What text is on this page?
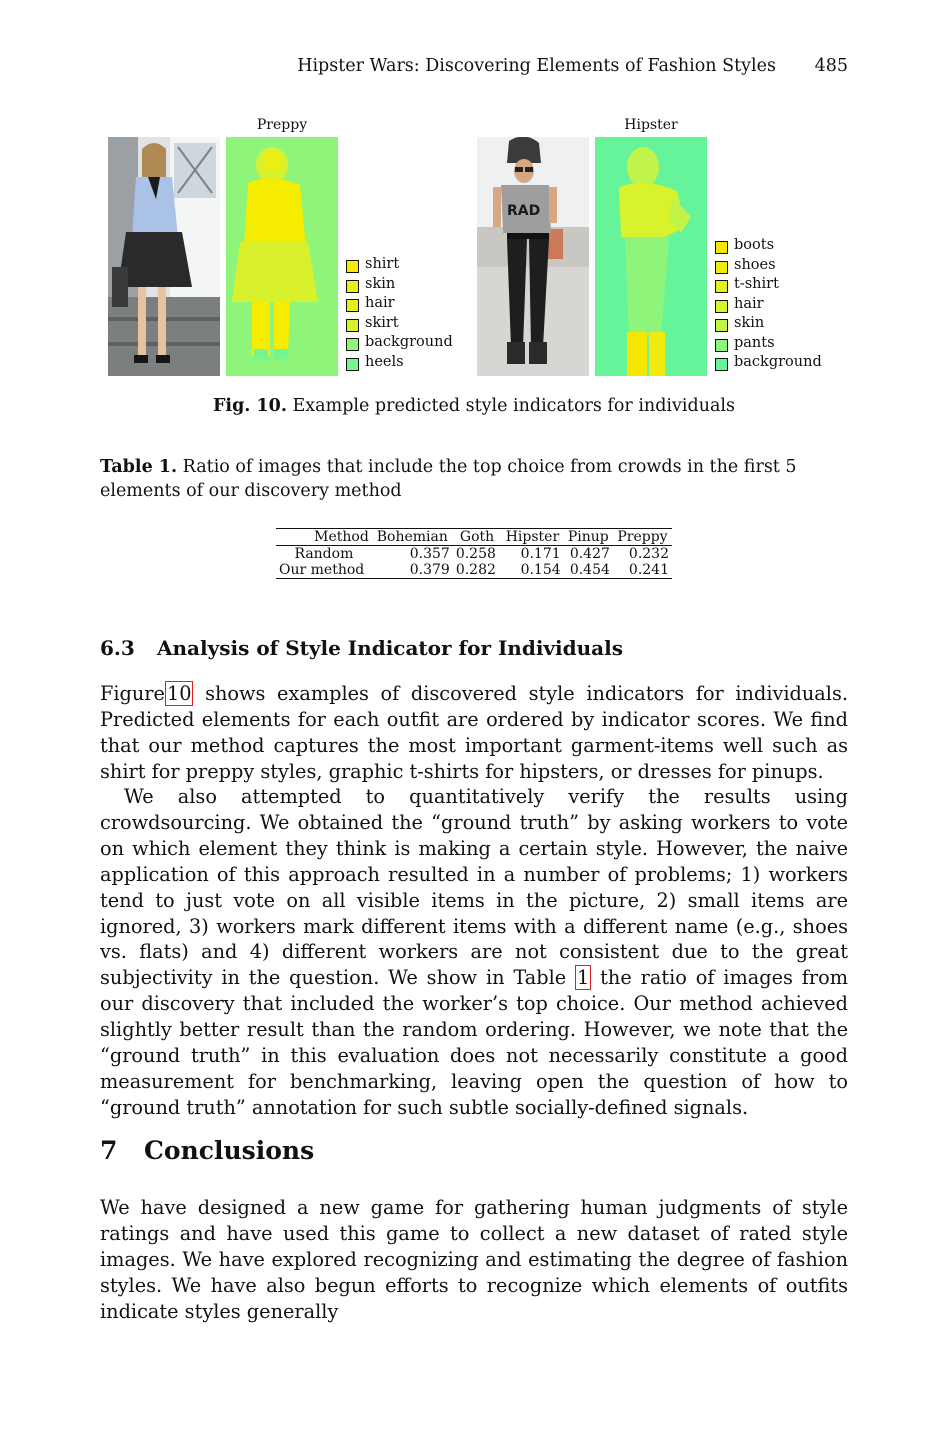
Hipster Wars: Discovering Elements of Fashion Styles 485
Preppy
shirt
skin
hair
skirt
background
heels
Hipster
RAD
boots
shoes
t-shirt
hair
skin
pants
background
Fig. 10. Example predicted style indicators for individuals
Table 1. Ratio of images that include the top choice from crowds in the first 5 elements of our discovery method
Method	Bohemian	Goth	Hipster	Pinup	Preppy
Random	0.357	0.258	0.171	0.427	0.232
Our method	0.379	0.282	0.154	0.454	0.241
6.3 Analysis of Style Indicator for Individuals
Figure 10 shows examples of discovered style indicators for individuals. Predicted elements for each outfit are ordered by indicator scores. We find that our method captures the most important garment-items well such as shirt for preppy styles, graphic t-shirts for hipsters, or dresses for pinups.
We also attempted to quantitatively verify the results using crowdsourcing. We obtained the “ground truth” by asking workers to vote on which element they think is making a certain style. However, the naive application of this approach resulted in a number of problems; 1) workers tend to just vote on all visible items in the picture, 2) small items are ignored, 3) workers mark different items with a different name (e.g., shoes vs. flats) and 4) different workers are not consistent due to the great subjectivity in the question. We show in Table 1 the ratio of images from our discovery that included the worker’s top choice. Our method achieved slightly better result than the random ordering. However, we note that the “ground truth” in this evaluation does not necessarily constitute a good measurement for benchmarking, leaving open the question of how to “ground truth” annotation for such subtle socially-defined signals.
7 Conclusions
We have designed a new game for gathering human judgments of style ratings and have used this game to collect a new dataset of rated style images. We have explored recognizing and estimating the degree of fashion styles. We have also begun efforts to recognize which elements of outfits indicate styles generally
